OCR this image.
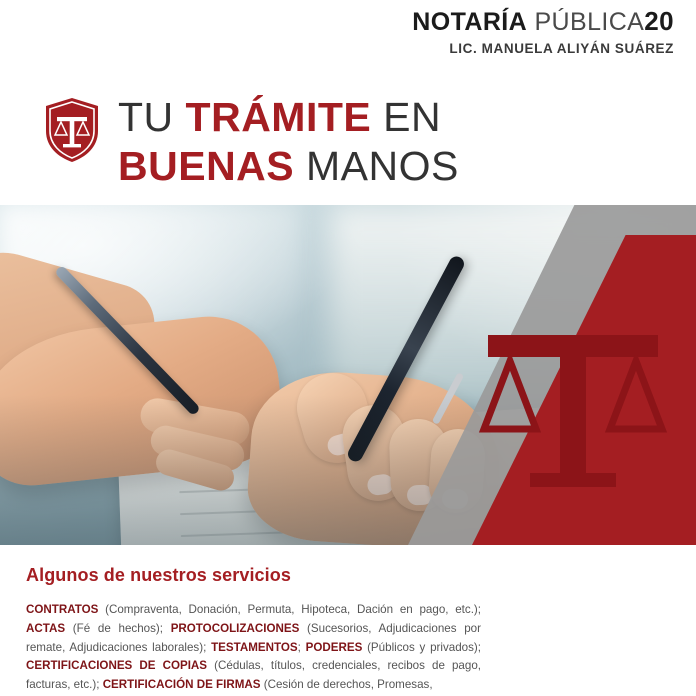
NOTARÍA PÚBLICA20
LIC. MANUELA ALIYÁN SUÁREZ
TU TRÁMITE EN
BUENAS MANOS
Algunos de nuestros servicios
CONTRATOS (Compraventa, Donación, Permuta, Hipoteca, Dación en pago, etc.); ACTAS (Fé de hechos); PROTOCOLIZACIONES (Sucesorios, Adjudicaciones por remate, Adjudicaciones laborales); TESTAMENTOS; PODERES (Públicos y privados); CERTIFICACIONES DE COPIAS (Cédulas, títulos, credenciales, recibos de pago, facturas, etc.); CERTIFICACIÓN DE FIRMAS (Cesión de derechos, Promesas,
